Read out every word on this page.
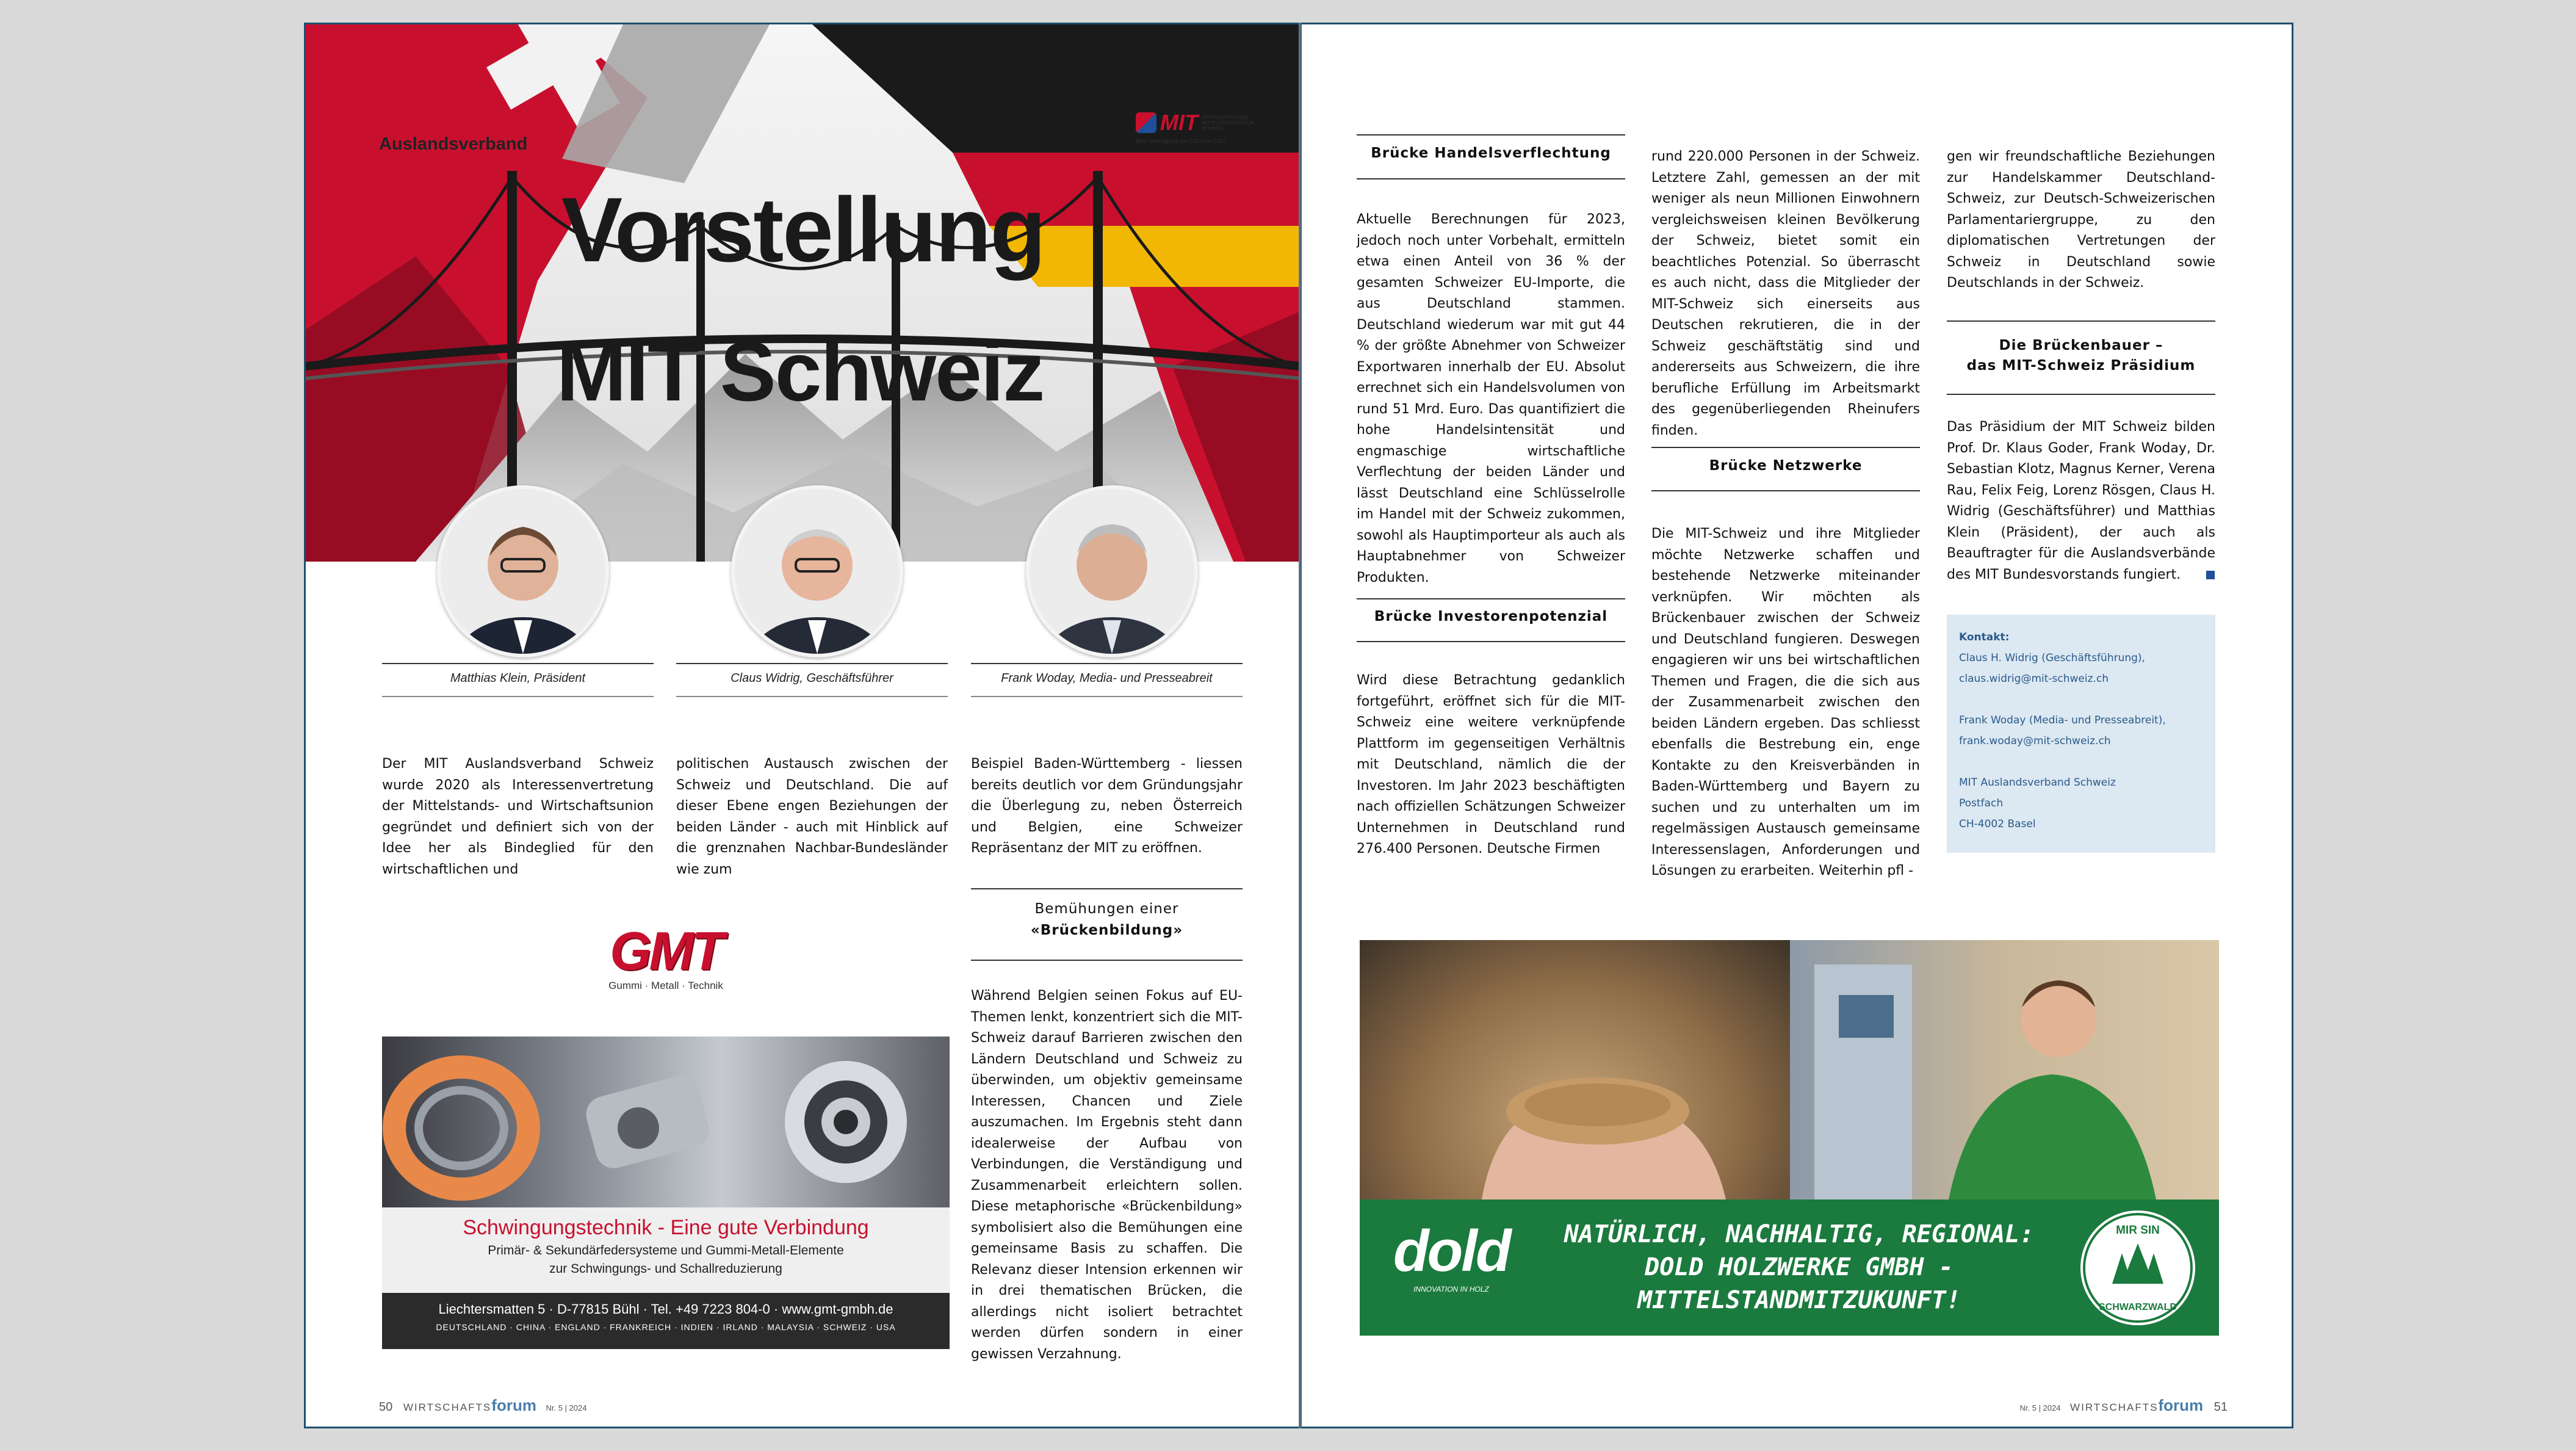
Auslandsverband
MIT WIRTSCHAFTS UND
MITTELSTANDSUNION
SCHWEIZ
Eine Vereinigung von CDU und CSU
Vorstellung
MIT Schweiz
Matthias Klein, Präsident	Claus Widrig, Geschäftsführer	Frank Woday, Media- und Presseabreit
Der MIT Auslandsverband Schweiz wurde 2020 als Interessenvertretung der Mittelstands- und Wirtschaftsunion gegründet und definiert sich von der Idee her als Bindeglied für den wirtschaftlichen und
politischen Austausch zwischen der Schweiz und Deutschland. Die auf dieser Ebene engen Beziehungen der beiden Länder - auch mit Hinblick auf die grenznahen Nachbar-Bundesländer wie zum
Beispiel Baden-Württemberg - liessen bereits deutlich vor dem Gründungsjahr die Überlegung zu, neben Österreich und Belgien, eine Schweizer Repräsentanz der MIT zu eröffnen.
Bemühungen einer
«Brückenbildung»
Während Belgien seinen Fokus auf EU-Themen lenkt, konzentriert sich die MIT-Schweiz darauf Barrieren zwischen den Ländern Deutschland und Schweiz zu überwinden, um objektiv gemeinsame Interessen, Chancen und Ziele auszumachen. Im Ergebnis steht dann idealerweise der Aufbau von Verbindungen, die Verständigung und Zusammenarbeit erleichtern sollen. Diese metaphorische «Brückenbildung» symbolisiert also die Bemühungen eine gemeinsame Basis zu schaffen. Die Relevanz dieser Intension erkennen wir in drei thematischen Brücken, die allerdings nicht isoliert betrachtet werden dürfen sondern in einer gewissen Verzahnung.
GMT
Gummi · Metall · Technik
Schwingungstechnik - Eine gute Verbindung
Primär- & Sekundärfedersysteme und Gummi-Metall-Elemente
zur Schwingungs- und Schallreduzierung
Liechtersmatten 5 · D-77815 Bühl · Tel. +49 7223 804-0 · www.gmt-gmbh.de
DEUTSCHLAND · CHINA · ENGLAND · FRANKREICH · INDIEN · IRLAND · MALAYSIA · SCHWEIZ · USA
50 WIRTSCHAFTSforum Nr. 5 | 2024
Brücke Handelsverflechtung
Aktuelle Berechnungen für 2023, jedoch noch unter Vorbehalt, ermitteln etwa einen Anteil von 36 % der gesamten Schweizer EU-Importe, die aus Deutschland stammen. Deutschland wiederum war mit gut 44 % der größte Abnehmer von Schweizer Exportwaren innerhalb der EU. Absolut errechnet sich ein Handelsvolumen von rund 51 Mrd. Euro. Das quantifiziert die hohe Handelsintensität und engmaschige wirtschaftliche Verflechtung der beiden Länder und lässt Deutschland eine Schlüsselrolle im Handel mit der Schweiz zukommen, sowohl als Hauptimporteur als auch als Hauptabnehmer von Schweizer Produkten.
Brücke Investorenpotenzial
Wird diese Betrachtung gedanklich fortgeführt, eröffnet sich für die MIT-Schweiz eine weitere verknüpfende Plattform im gegenseitigen Verhältnis mit Deutschland, nämlich die der Investoren. Im Jahr 2023 beschäftigten nach offiziellen Schätzungen Schweizer Unternehmen in Deutschland rund 276.400 Personen. Deutsche Firmen
rund 220.000 Personen in der Schweiz. Letztere Zahl, gemessen an der mit weniger als neun Millionen Einwohnern vergleichsweisen kleinen Bevölkerung der Schweiz, bietet somit ein beachtliches Potenzial. So überrascht es auch nicht, dass die Mitglieder der MIT-Schweiz sich einerseits aus Deutschen rekrutieren, die in der Schweiz geschäftstätig sind und andererseits aus Schweizern, die ihre berufliche Erfüllung im Arbeitsmarkt des gegenüberliegenden Rheinufers finden.
Brücke Netzwerke
Die MIT-Schweiz und ihre Mitglieder möchte Netzwerke schaffen und bestehende Netzwerke miteinander verknüpfen. Wir möchten als Brückenbauer zwischen der Schweiz und Deutschland fungieren. Deswegen engagieren wir uns bei wirtschaftlichen Themen und Fragen, die die sich aus der Zusammenarbeit zwischen den beiden Ländern ergeben. Das schliesst ebenfalls die Bestrebung ein, enge Kontakte zu den Kreisverbänden in Baden-Württemberg und Bayern zu suchen und zu unterhalten um im regelmässigen Austausch gemeinsame Interessenslagen, Anforderungen und Lösungen zu erarbeiten. Weiterhin pfl -
gen wir freundschaftliche Beziehungen zur Handelskammer Deutschland-Schweiz, zur Deutsch-Schweizerischen Parlamentariergruppe, zu den diplomatischen Vertretungen der Schweiz in Deutschland sowie Deutschlands in der Schweiz.
Die Brückenbauer –
das MIT-Schweiz Präsidium
Das Präsidium der MIT Schweiz bilden Prof. Dr. Klaus Goder, Frank Woday, Dr. Sebastian Klotz, Magnus Kerner, Verena Rau, Felix Feig, Lorenz Rösgen, Claus H. Widrig (Geschäftsführer) und Matthias Klein (Präsident), der auch als Beauftragter für die Auslandsverbände des MIT Bundesvorstands fungiert.

Kontakt:

Claus H. Widrig (Geschäftsführung),

claus.widrig@mit-schweiz.ch

Frank Woday (Media- und Presseabreit),

frank.woday@mit-schweiz.ch

MIT Auslandsverband Schweiz

Postfach

CH-4002 Basel

dold
INNOVATION IN HOLZ
NATÜRLICH, NACHHALTIG, REGIONAL:
DOLD HOLZWERKE GMBH -
MITTELSTANDMITZUKUNFT!
MIR SIN
SCHWARZWALD
Nr. 5 | 2024 WIRTSCHAFTSforum 51
